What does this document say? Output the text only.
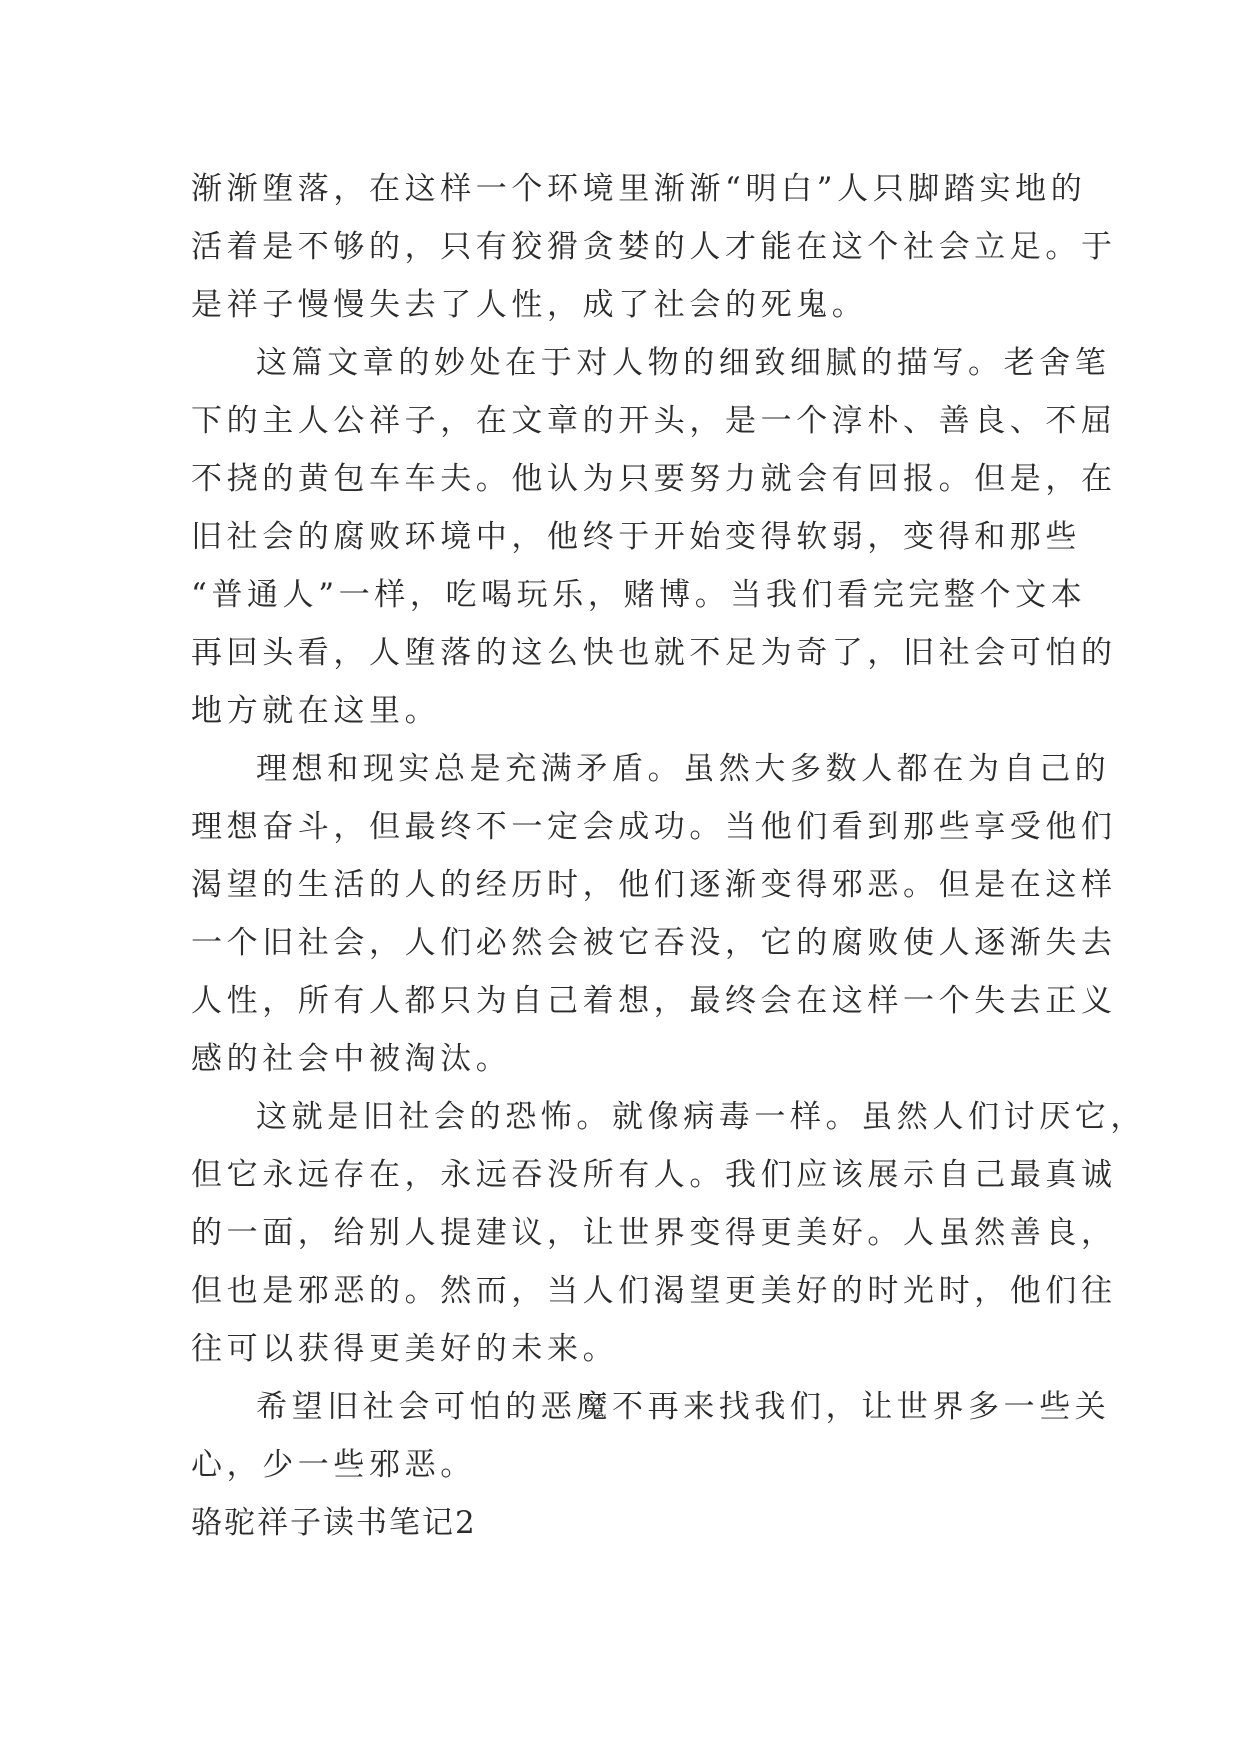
渐渐堕落，在这样一个环境里渐渐“明白”人只脚踏实地的
活着是不够的，只有狡猾贪婪的人才能在这个社会立足。于
是祥子慢慢失去了人性，成了社会的死鬼。
这篇文章的妙处在于对人物的细致细腻的描写。老舍笔
下的主人公祥子，在文章的开头，是一个淳朴、善良、不屈
不挠的黄包车车夫。他认为只要努力就会有回报。但是，在
旧社会的腐败环境中，他终于开始变得软弱，变得和那些
“普通人”一样，吃喝玩乐，赌博。当我们看完完整个文本
再回头看，人堕落的这么快也就不足为奇了，旧社会可怕的
地方就在这里。
理想和现实总是充满矛盾。虽然大多数人都在为自己的
理想奋斗，但最终不一定会成功。当他们看到那些享受他们
渴望的生活的人的经历时，他们逐渐变得邪恶。但是在这样
一个旧社会，人们必然会被它吞没，它的腐败使人逐渐失去
人性，所有人都只为自己着想，最终会在这样一个失去正义
感的社会中被淘汰。
这就是旧社会的恐怖。就像病毒一样。虽然人们讨厌它，
但它永远存在，永远吞没所有人。我们应该展示自己最真诚
的一面，给别人提建议，让世界变得更美好。人虽然善良，
但也是邪恶的。然而，当人们渴望更美好的时光时，他们往
往可以获得更美好的未来。
希望旧社会可怕的恶魔不再来找我们，让世界多一些关
心，少一些邪恶。
骆驼祥子读书笔记2
